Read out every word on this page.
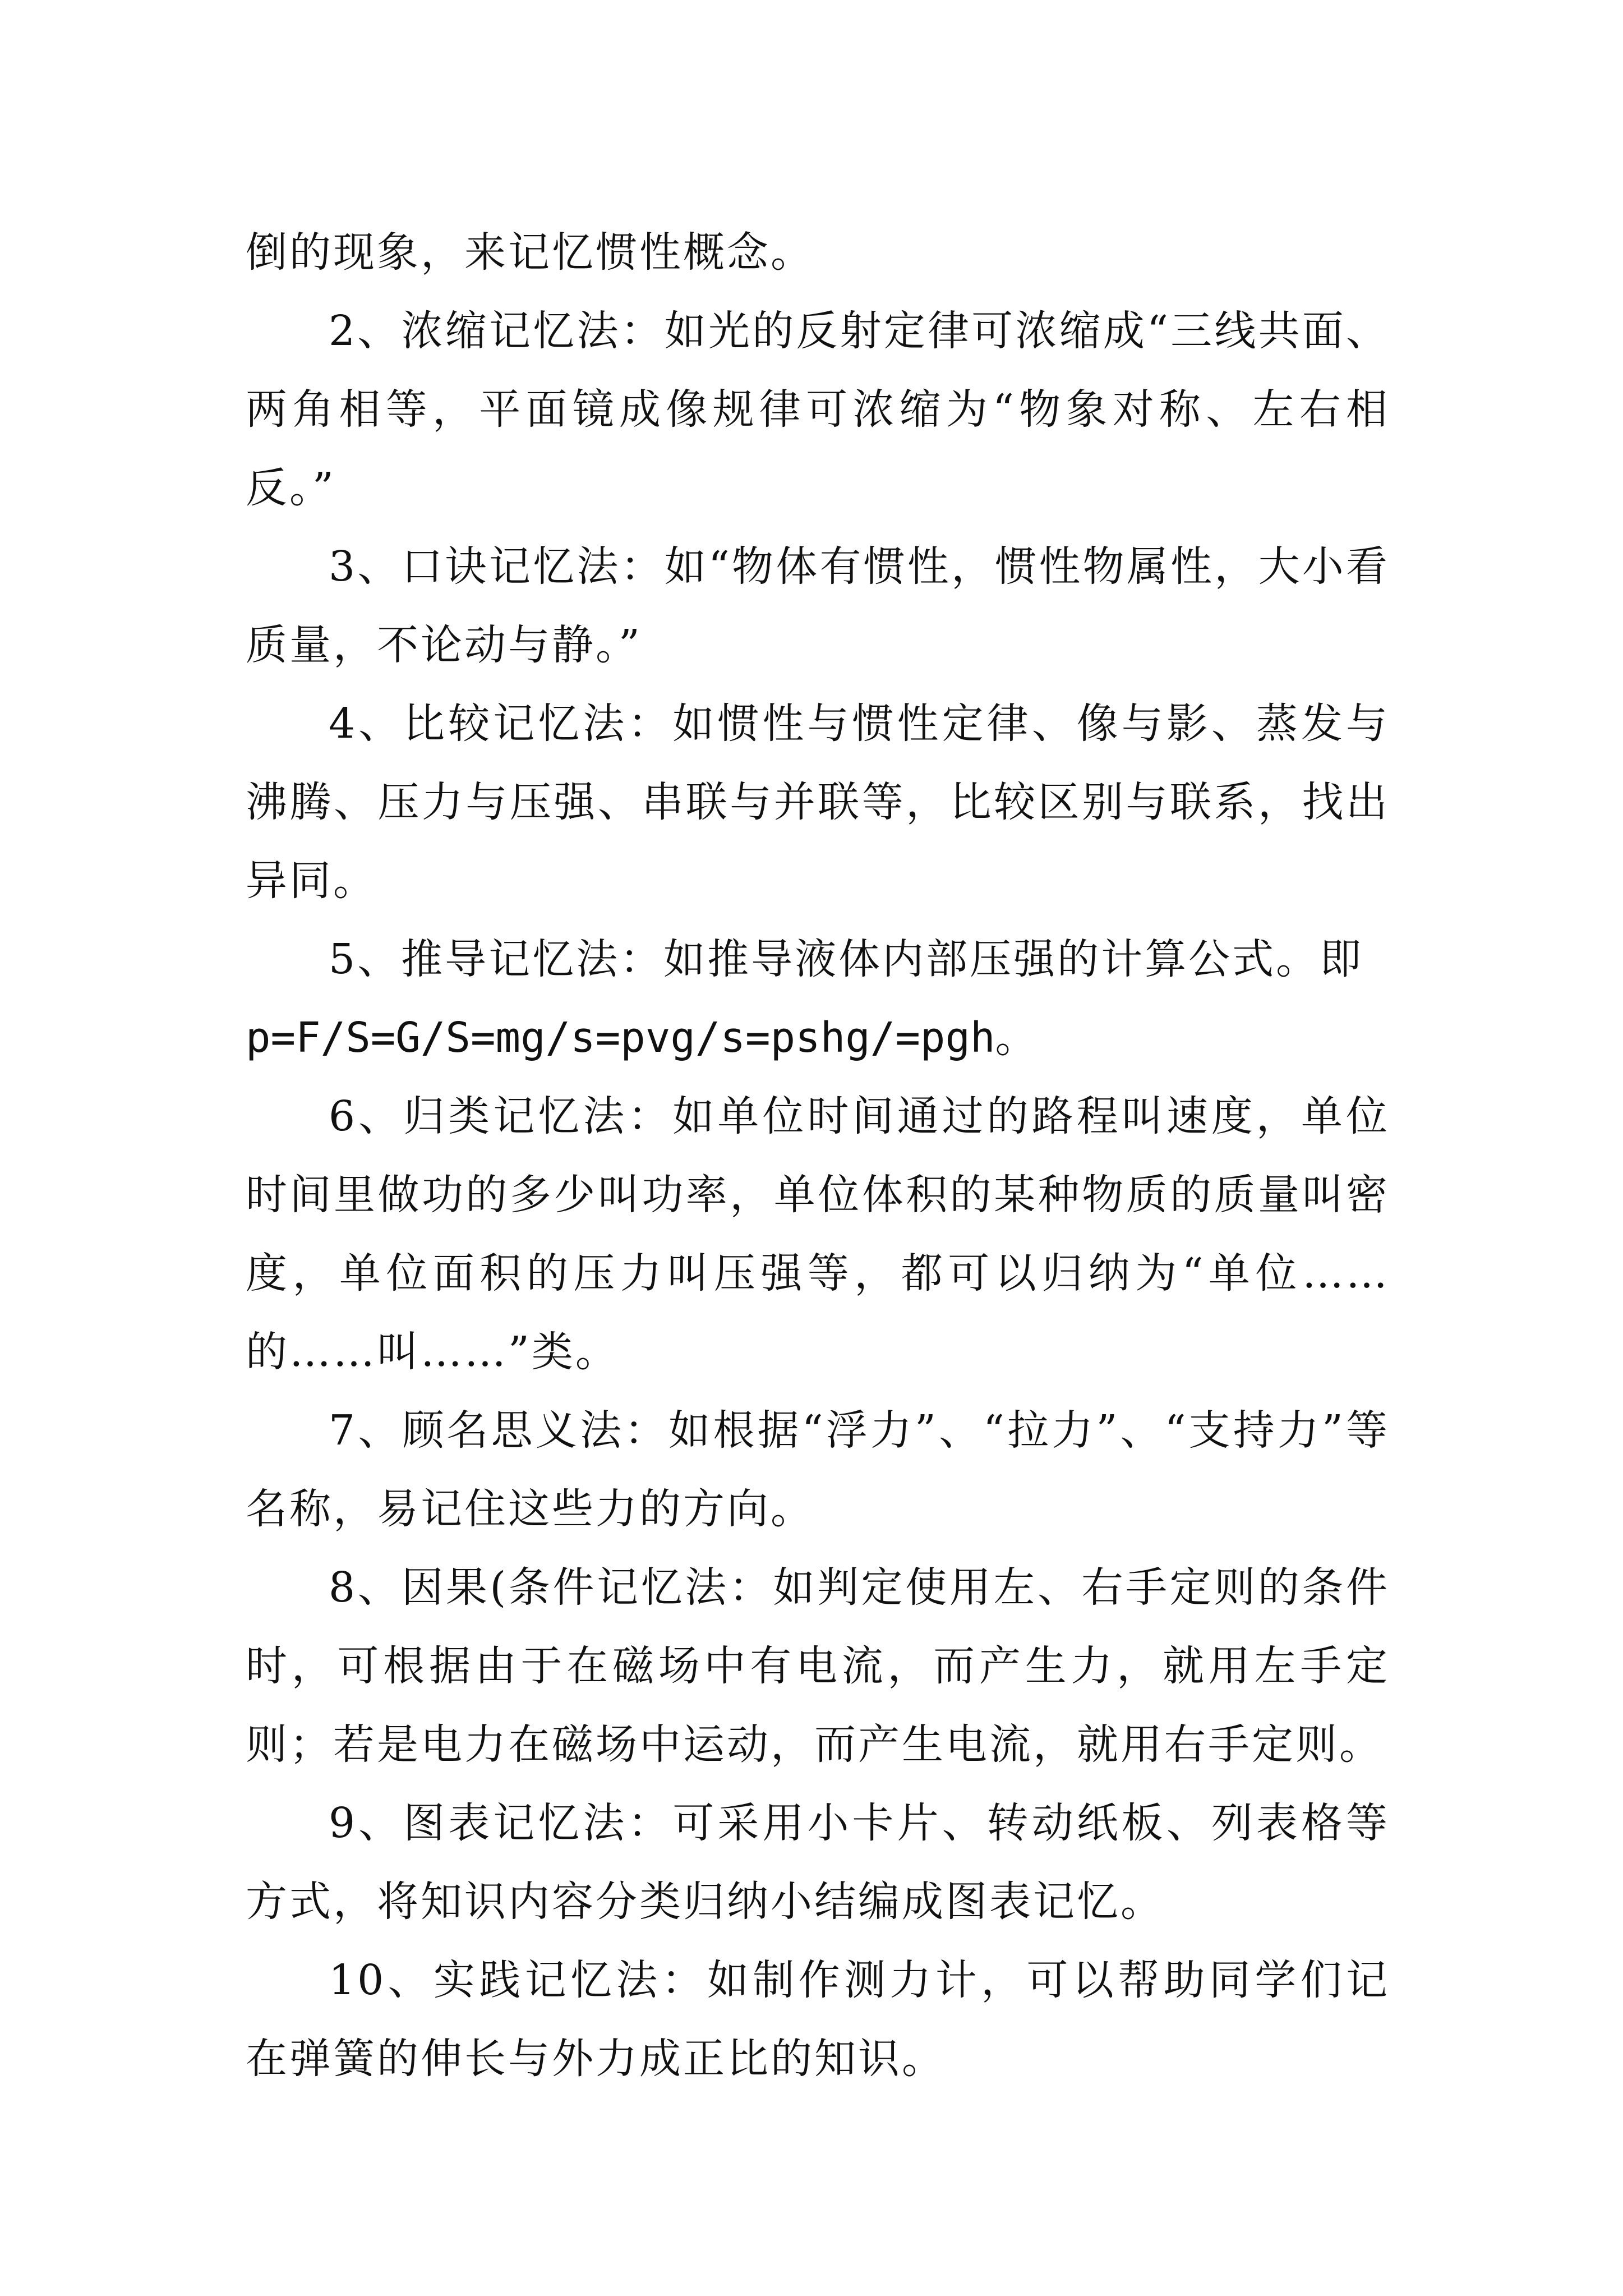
倒的现象，来记忆惯性概念。

2、浓缩记忆法：如光的反射定律可浓缩成“三线共面、两角相等，平面镜成像规律可浓缩为“物象对称、左右相反。”

3、口诀记忆法：如“物体有惯性，惯性物属性，大小看质量，不论动与静。”

4、比较记忆法：如惯性与惯性定律、像与影、蒸发与沸腾、压力与压强、串联与并联等，比较区别与联系，找出异同。

5、推导记忆法：如推导液体内部压强的计算公式。即

p=F/S=G/S=mg/s=pvg/s=pshg/=pgh。

6、归类记忆法：如单位时间通过的路程叫速度，单位时间里做功的多少叫功率，单位体积的某种物质的质量叫密度，单位面积的压力叫压强等，都可以归纳为“单位……的……叫……”类。

7、顾名思义法：如根据“浮力”、“拉力”、“支持力”等名称，易记住这些力的方向。

8、因果(条件记忆法：如判定使用左、右手定则的条件时，可根据由于在磁场中有电流，而产生力，就用左手定则；若是电力在磁场中运动，而产生电流，就用右手定则。

9、图表记忆法：可采用小卡片、转动纸板、列表格等方式，将知识内容分类归纳小结编成图表记忆。

10、实践记忆法：如制作测力计，可以帮助同学们记在弹簧的伸长与外力成正比的知识。
